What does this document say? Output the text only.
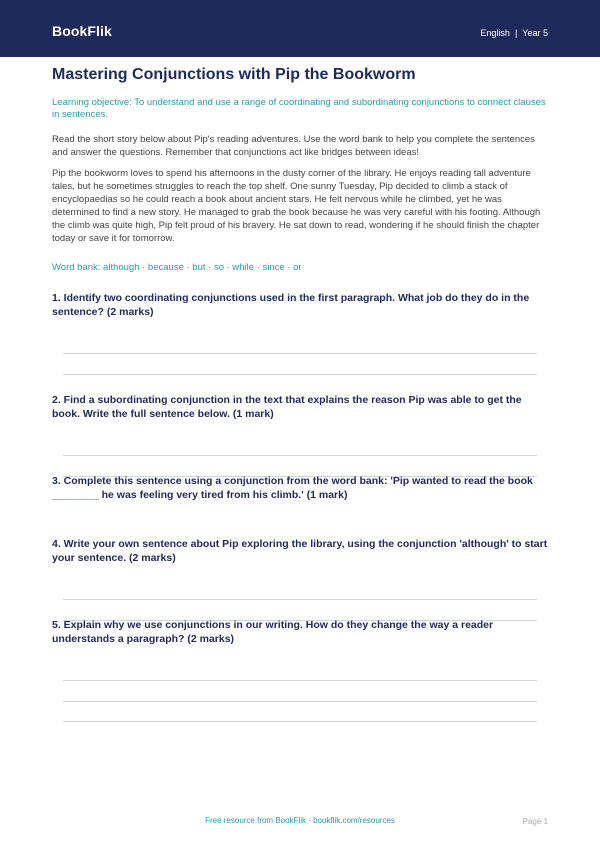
BookFlik	English | Year 5
Mastering Conjunctions with Pip the Bookworm

Learning objective: To understand and use a range of coordinating and subordinating conjunctions to connect clauses in sentences.

Read the short story below about Pip's reading adventures. Use the word bank to help you complete the sentences and answer the questions. Remember that conjunctions act like bridges between ideas!

Pip the bookworm loves to spend his afternoons in the dusty corner of the library. He enjoys reading tall adventure tales, but he sometimes struggles to reach the top shelf. One sunny Tuesday, Pip decided to climb a stack of encyclopaedias so he could reach a book about ancient stars. He felt nervous while he climbed, yet he was determined to find a new story. He managed to grab the book because he was very careful with his footing. Although the climb was quite high, Pip felt proud of his bravery. He sat down to read, wondering if he should finish the chapter today or save it for tomorrow.

Word bank: although · because · but · so · while · since · or

1. Identify two coordinating conjunctions used in the first paragraph. What job do they do in the sentence? (2 marks)
2. Find a subordinating conjunction in the text that explains the reason Pip was able to get the book. Write the full sentence below. (1 mark)
3. Complete this sentence using a conjunction from the word bank: 'Pip wanted to read the book ________ he was feeling very tired from his climb.' (1 mark)
4. Write your own sentence about Pip exploring the library, using the conjunction 'although' to start your sentence. (2 marks)
5. Explain why we use conjunctions in our writing. How do they change the way a reader understands a paragraph? (2 marks)
Free resource from BookFlik · bookflik.com/resources	Page 1
